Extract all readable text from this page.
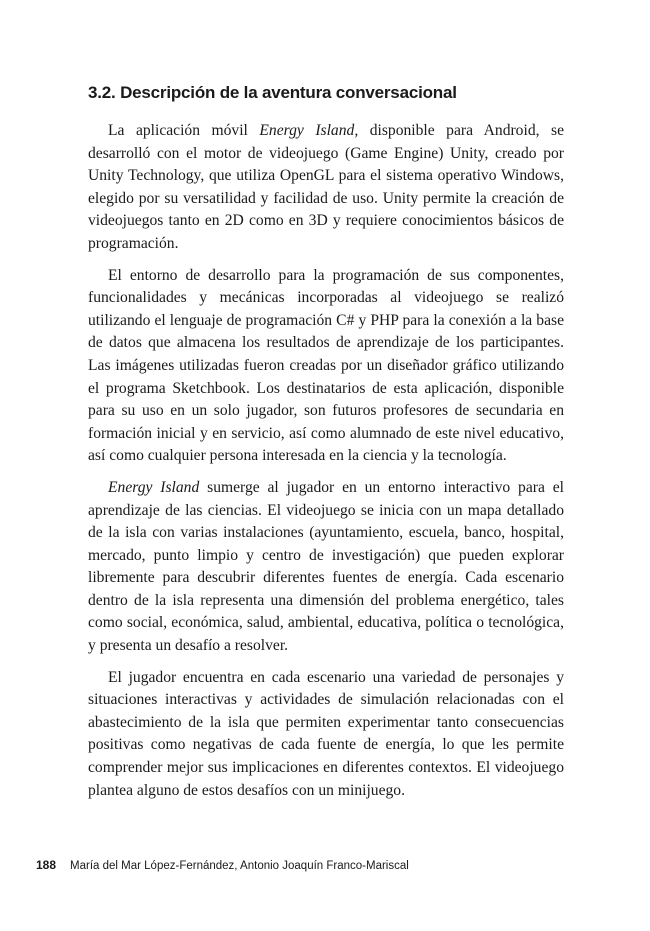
3.2. Descripción de la aventura conversacional

La aplicación móvil Energy Island, disponible para Android, se desarrolló con el motor de videojuego (Game Engine) Unity, creado por Unity Technology, que utiliza OpenGL para el sistema operativo Windows, elegido por su versatilidad y facilidad de uso. Unity permite la creación de videojuegos tanto en 2D como en 3D y requiere conocimientos básicos de programación.

El entorno de desarrollo para la programación de sus componentes, funcionalidades y mecánicas incorporadas al videojuego se realizó utilizando el lenguaje de programación C# y PHP para la conexión a la base de datos que almacena los resultados de aprendizaje de los participantes. Las imágenes utilizadas fueron creadas por un diseñador gráfico utilizando el programa Sketchbook. Los destinatarios de esta aplicación, disponible para su uso en un solo jugador, son futuros profesores de secundaria en formación inicial y en servicio, así como alumnado de este nivel educativo, así como cualquier persona interesada en la ciencia y la tecnología.

Energy Island sumerge al jugador en un entorno interactivo para el aprendizaje de las ciencias. El videojuego se inicia con un mapa detallado de la isla con varias instalaciones (ayuntamiento, escuela, banco, hospital, mercado, punto limpio y centro de investigación) que pueden explorar libremente para descubrir diferentes fuentes de energía. Cada escenario dentro de la isla representa una dimensión del problema energético, tales como social, económica, salud, ambiental, educativa, política o tecnológica, y presenta un desafío a resolver.

El jugador encuentra en cada escenario una variedad de personajes y situaciones interactivas y actividades de simulación relacionadas con el abastecimiento de la isla que permiten experimentar tanto consecuencias positivas como negativas de cada fuente de energía, lo que les permite comprender mejor sus implicaciones en diferentes contextos. El videojuego plantea alguno de estos desafíos con un minijuego.

188 María del Mar López-Fernández, Antonio Joaquín Franco-Mariscal
